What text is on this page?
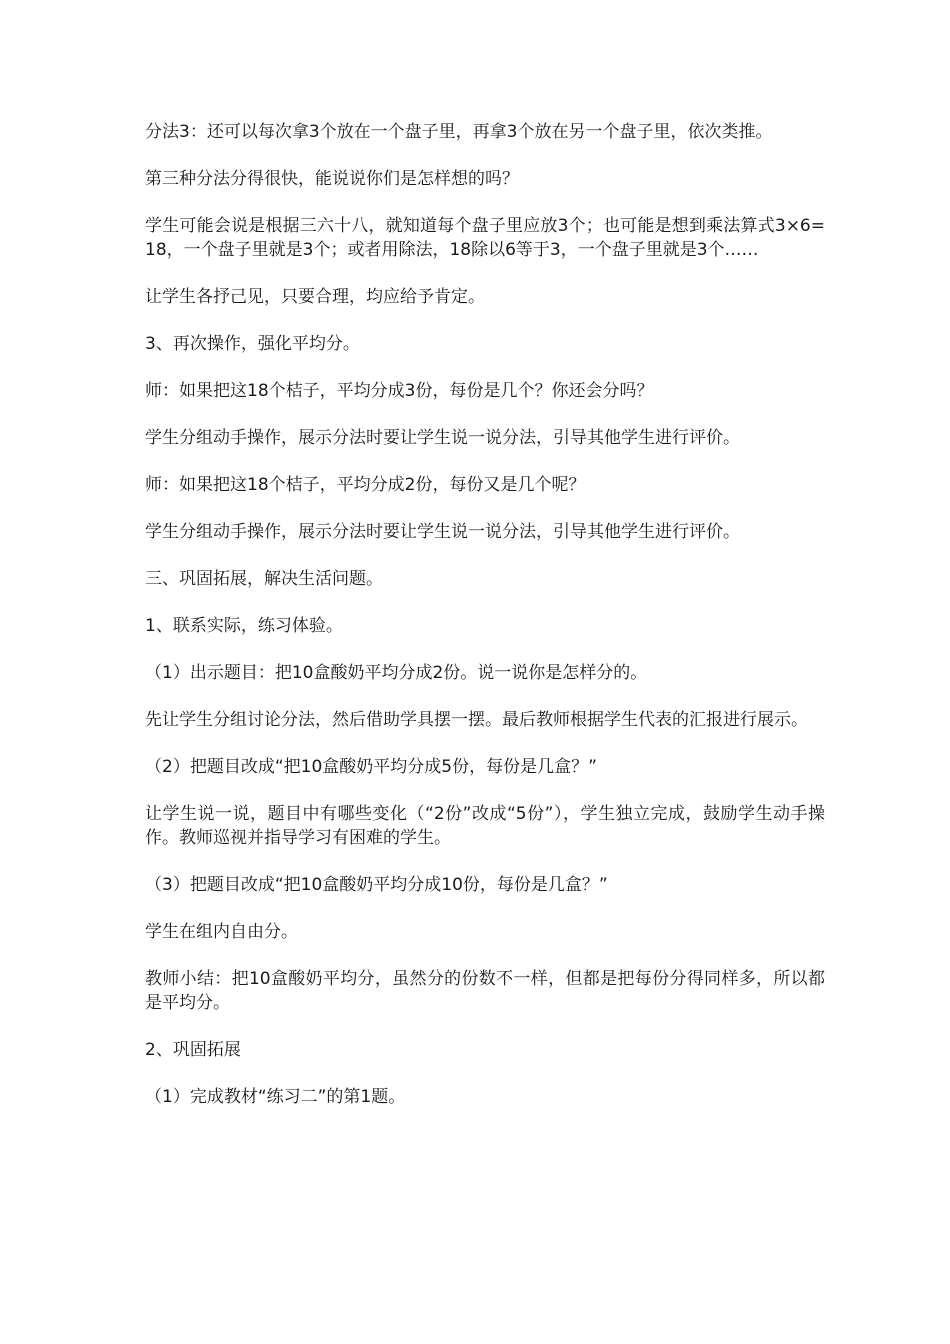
分法3：还可以每次拿3个放在一个盘子里，再拿3个放在另一个盘子里，依次类推。

第三种分法分得很快，能说说你们是怎样想的吗？

学生可能会说是根据三六十八，就知道每个盘子里应放3个；也可能是想到乘法算式3×6=18，一个盘子里就是3个；或者用除法，18除以6等于3，一个盘子里就是3个……

让学生各抒己见，只要合理，均应给予肯定。

3、再次操作，强化平均分。

师：如果把这18个桔子，平均分成3份，每份是几个？你还会分吗？

学生分组动手操作，展示分法时要让学生说一说分法，引导其他学生进行评价。

师：如果把这18个桔子，平均分成2份，每份又是几个呢？

学生分组动手操作，展示分法时要让学生说一说分法，引导其他学生进行评价。

三、巩固拓展，解决生活问题。

1、联系实际，练习体验。

（1）出示题目：把10盒酸奶平均分成2份。说一说你是怎样分的。

先让学生分组讨论分法，然后借助学具摆一摆。最后教师根据学生代表的汇报进行展示。

（2）把题目改成“把10盒酸奶平均分成5份，每份是几盒？”

让学生说一说，题目中有哪些变化（“2份”改成“5份”），学生独立完成，鼓励学生动手操作。教师巡视并指导学习有困难的学生。

（3）把题目改成“把10盒酸奶平均分成10份，每份是几盒？”

学生在组内自由分。

教师小结：把10盒酸奶平均分，虽然分的份数不一样，但都是把每份分得同样多，所以都是平均分。

2、巩固拓展

（1）完成教材“练习二”的第1题。
